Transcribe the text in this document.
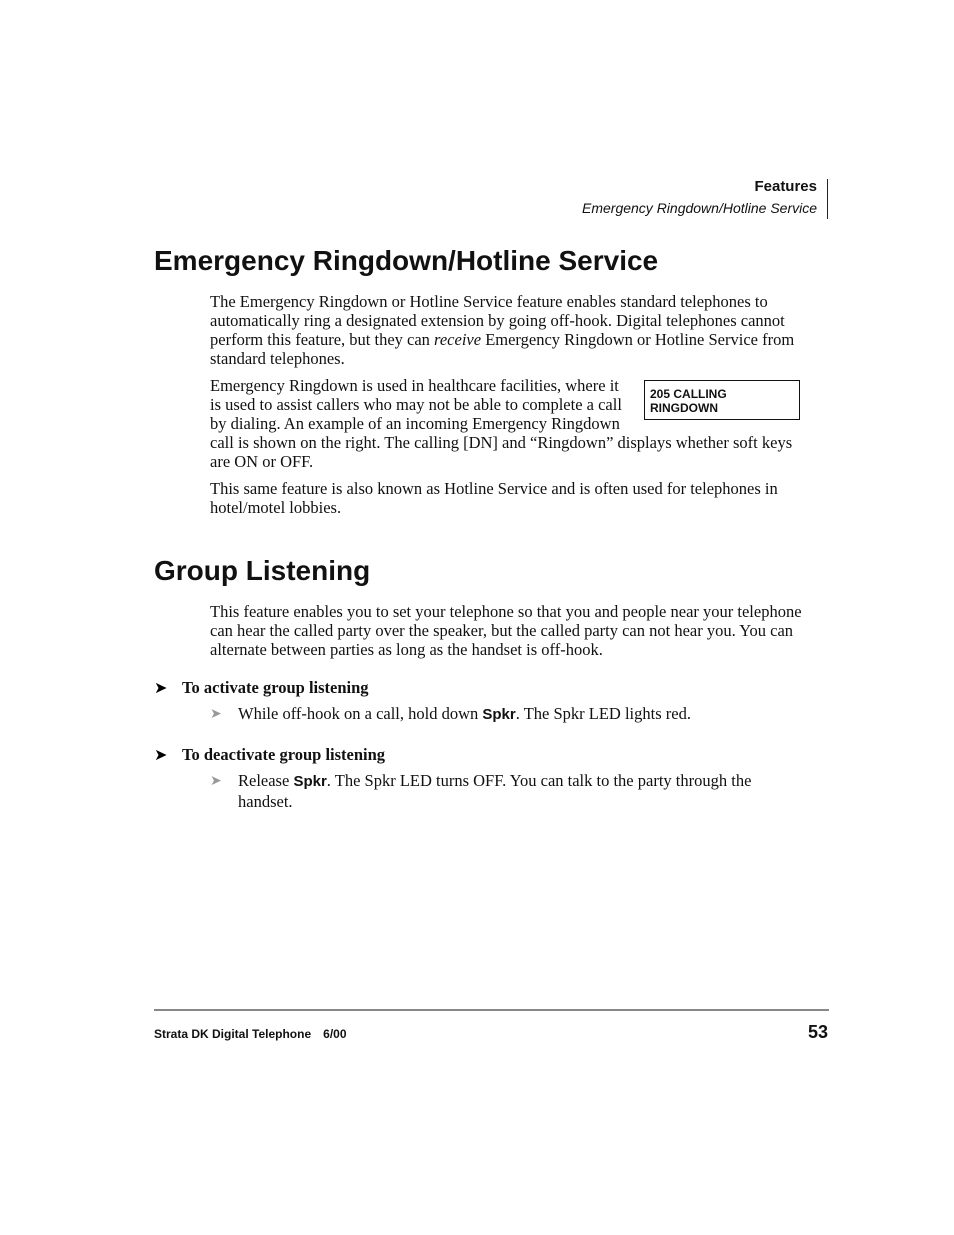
Features
Emergency Ringdown/Hotline Service
Emergency Ringdown/Hotline Service

The Emergency Ringdown or Hotline Service feature enables standard telephones to automatically ring a designated extension by going off-hook. Digital telephones cannot perform this feature, but they can receive Emergency Ringdown or Hotline Service from standard telephones.

Emergency Ringdown is used in healthcare facilities, where it
is used to assist callers who may not be able to complete a call
by dialing. An example of an incoming Emergency Ringdown
call is shown on the right. The calling [DN] and “Ringdown” displays whether soft keys are ON or OFF.
205 CALLING
RINGDOWN

This same feature is also known as Hotline Service and is often used for telephones in hotel/motel lobbies.

Group Listening

This feature enables you to set your telephone so that you and people near your telephone can hear the called party over the speaker, but the called party can not hear you. You can alternate between parties as long as the handset is off-hook.

➤ To activate group listening
➤ While off-hook on a call, hold down Spkr. The Spkr LED lights red.

➤ To deactivate group listening
➤ Release Spkr. The Spkr LED turns OFF. You can talk to the party through the handset.

Strata DK Digital Telephone 6/00	53
